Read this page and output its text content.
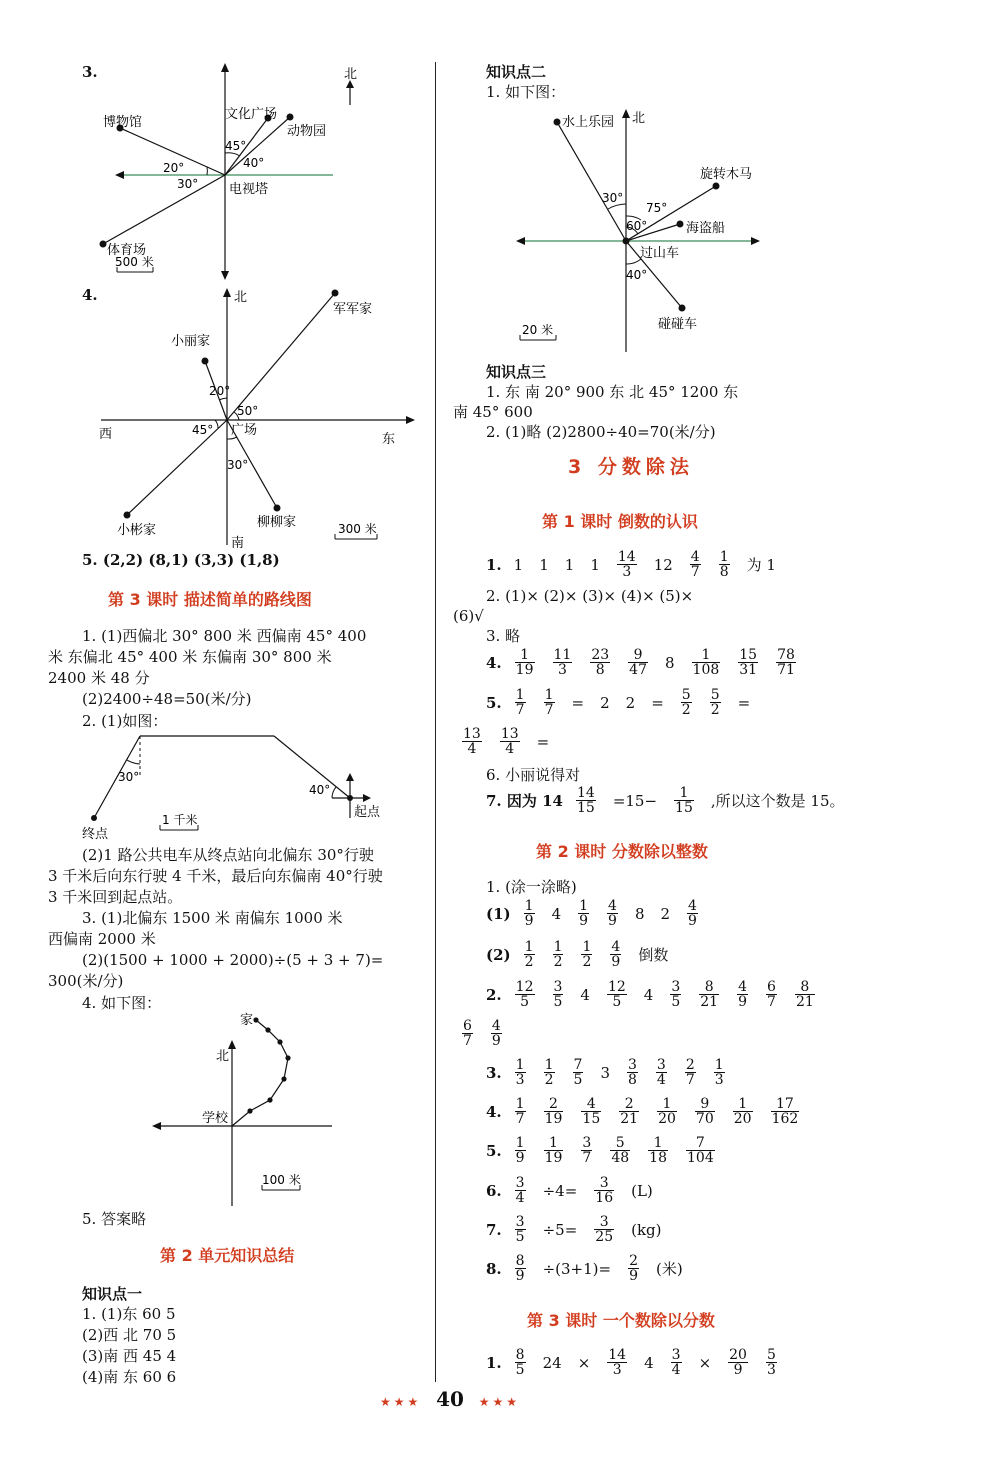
3.	北
博物馆
文化广场
动物园
45°
40°
20°
30° 电视塔
体育场
500 米
4.	北
小丽家
军军家
20°
50°
45° 广场
西	东
30°
小彬家
柳柳家
南
300 米
5. (2,2) (8,1) (3,3) (1,8)
第 3 课时 描述简单的路线图
1. (1)西偏北 30° 800 米 西偏南 45° 400
米 东偏北 45° 400 米 东偏南 30° 800 米
2400 米 48 分
(2)2400÷48=50(米/分)
2. (1)如图：
30°
40°
终点
起点
1 千米
(2)1 路公共电车从终点站向北偏东 30°行驶
3 千米后向东行驶 4 千米，最后向东偏南 40°行驶
3 千米回到起点站。
3. (1)北偏东 1500 米 南偏东 1000 米
西偏南 2000 米
(2)(1500 + 1000 + 2000)÷(5 + 3 + 7)=
300(米/分)
4. 如下图：
家
北
学校
100 米
5. 答案略
第 2 单元知识总结
知识点一
1. (1)东 60 5
(2)西 北 70 5
(3)南 西 45 4
(4)南 东 60 6
知识点二
1. 如下图：
水上乐园 北
旋转木马
30°
75°
60°	海盗船
过山车
40°
碰碰车
20 米
知识点三
1. 东 南 20° 900 东 北 45° 1200 东
南 45° 600
2. (1)略 (2)2800÷40=70(米/分)
3 分数除法
第 1 课时 倒数的认识
1. 1 1 1 $1 \frac{14}{3} 12 \frac{4}{7} \frac{1}{8}$ 为 1
2. (1)× (2)× (3)× (4)× (5)×
(6)√
3. 略
4. $\frac{1}{19} \frac{11}{3} \frac{23}{8} \frac{9}{47} 8 \frac{1}{108} \frac{15}{31} \frac{78}{71}$
5. $\frac{1}{7} \frac{1}{7} = 2$ $2 = \frac{5}{2} \frac{5}{2}$ =
$\frac{13}{4} \frac{13}{4}$ =
6. 小丽说得对
7. 因为 $14 \frac{14}{15} =15- \frac{1}{15}$ ,所以这个数是 15。
第 2 课时 分数除以整数
1. (涂一涂略)
$(1) \frac{1}{9} 4 \frac{1}{9} \frac{4}{9} 8$ $2 \frac{4}{9}$
$(2) \frac{1}{2} \frac{1}{2} \frac{1}{2} \frac{4}{9}$ 倒数
2. $\frac{12}{5} \frac{3}{5} 4 \frac{12}{5} 4 \frac{3}{5} \frac{8}{21} \frac{4}{9} \frac{6}{7} \frac{8}{21}$
$\frac{6}{7} \frac{4}{9}$
3. $\frac{1}{3} \frac{1}{2} \frac{7}{5} 3 \frac{3}{8} \frac{3}{4} \frac{2}{7} \frac{1}{3}$
4. $\frac{1}{7} \frac{2}{19} \frac{4}{15} \frac{2}{21} \frac{1}{20} \frac{9}{70} \frac{1}{20} \frac{17}{162}$
5. $\frac{1}{9} \frac{1}{19} \frac{3}{7} \frac{5}{48} \frac{1}{18} \frac{7}{104}$
6. $\frac{3}{4} \div 4= \frac{3}{16} (L)$
7. $\frac{3}{5} \div 5= \frac{3}{25} (kg)$
8. $\frac{8}{9} \div(3+1)= \frac{2}{9}$ (米)
第 3 课时 一个数除以分数
1. $\frac{8}{5} 24 \times \frac{14}{3} 4 \frac{3}{4} \times \frac{20}{9} \frac{5}{3}$
★★★ 40 ★★★
